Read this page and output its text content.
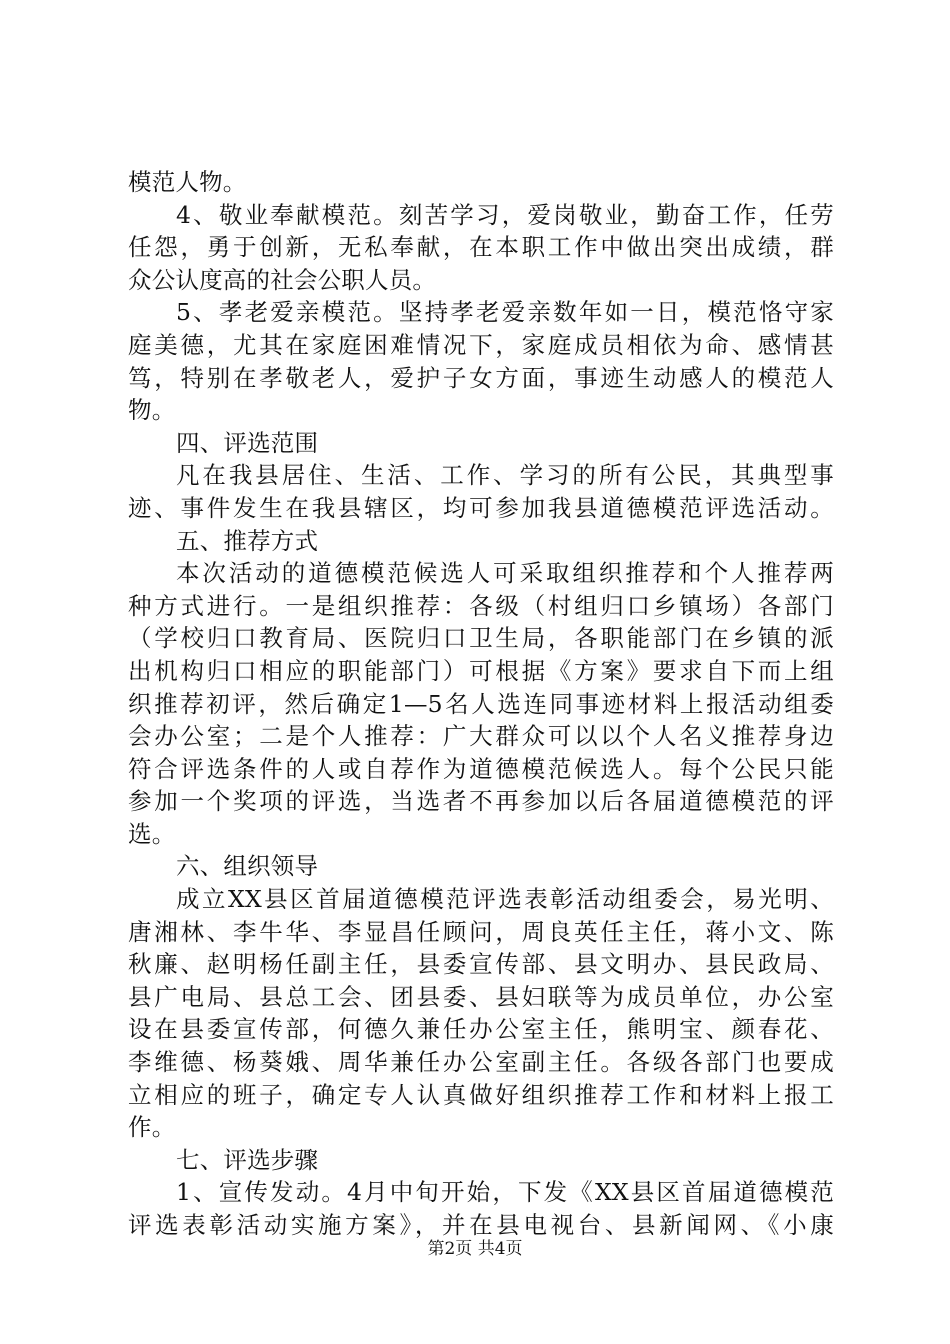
模范人物。
4、敬业奉献模范。刻苦学习，爱岗敬业，勤奋工作，任劳
任怨，勇于创新，无私奉献，在本职工作中做出突出成绩，群
众公认度高的社会公职人员。
5、孝老爱亲模范。坚持孝老爱亲数年如一日，模范恪守家
庭美德，尤其在家庭困难情况下，家庭成员相依为命、感情甚
笃，特别在孝敬老人，爱护子女方面，事迹生动感人的模范人
物。
四、评选范围
凡在我县居住、生活、工作、学习的所有公民，其典型事
迹、事件发生在我县辖区，均可参加我县道德模范评选活动。
五、推荐方式
本次活动的道德模范候选人可采取组织推荐和个人推荐两
种方式进行。一是组织推荐：各级（村组归口乡镇场）各部门
（学校归口教育局、医院归口卫生局，各职能部门在乡镇的派
出机构归口相应的职能部门）可根据《方案》要求自下而上组
织推荐初评，然后确定1—5名人选连同事迹材料上报活动组委
会办公室；二是个人推荐：广大群众可以以个人名义推荐身边
符合评选条件的人或自荐作为道德模范候选人。每个公民只能
参加一个奖项的评选，当选者不再参加以后各届道德模范的评
选。
六、组织领导
成立XX县区首届道德模范评选表彰活动组委会，易光明、
唐湘林、李牛华、李显昌任顾问，周良英任主任，蒋小文、陈
秋廉、赵明杨任副主任，县委宣传部、县文明办、县民政局、
县广电局、县总工会、团县委、县妇联等为成员单位，办公室
设在县委宣传部，何德久兼任办公室主任，熊明宝、颜春花、
李维德、杨葵娥、周华兼任办公室副主任。各级各部门也要成
立相应的班子，确定专人认真做好组织推荐工作和材料上报工
作。
七、评选步骤
1、宣传发动。4月中旬开始，下发《XX县区首届道德模范
评选表彰活动实施方案》，并在县电视台、县新闻网、《小康
第2页 共4页
